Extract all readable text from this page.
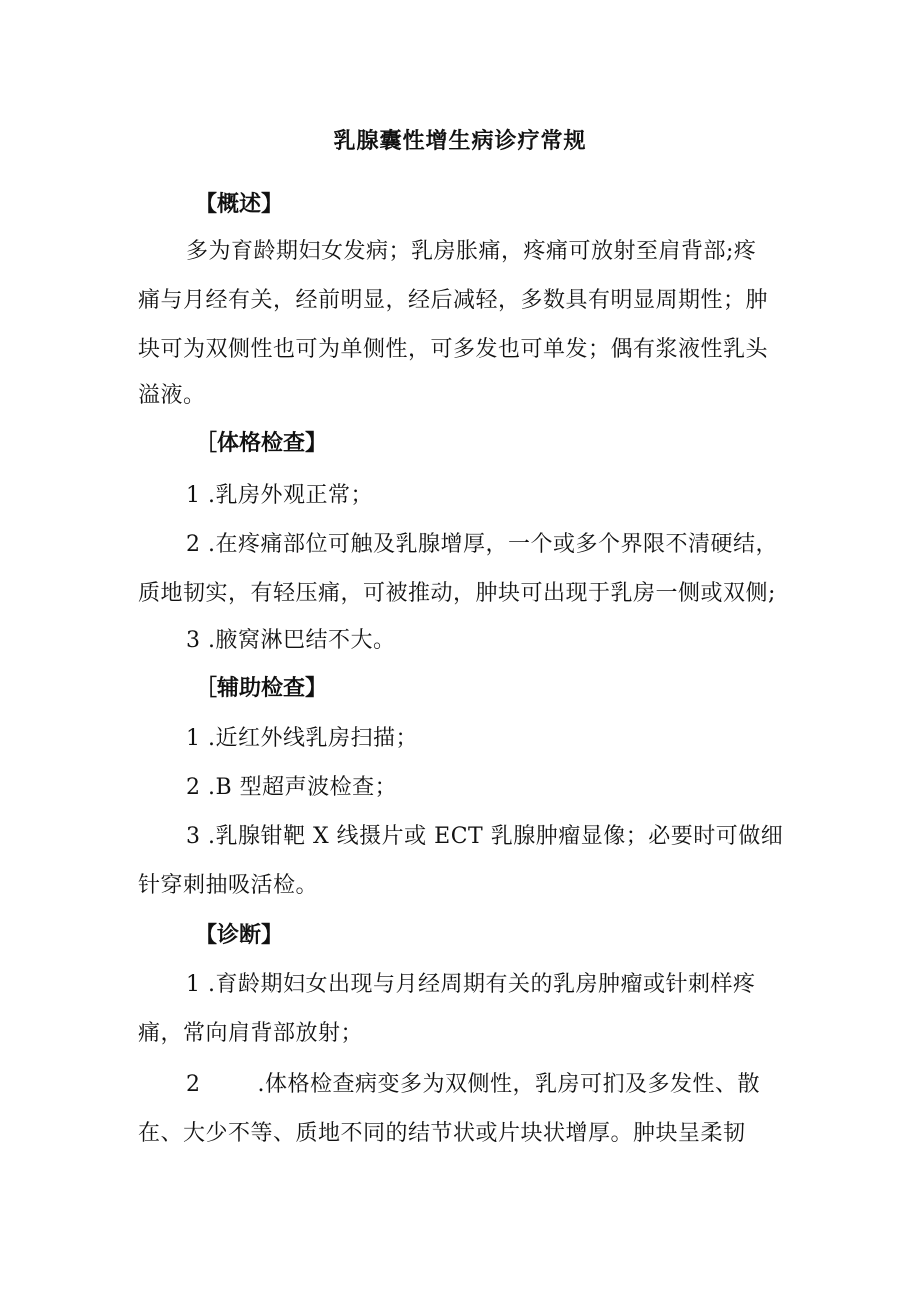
乳腺囊性增生病诊疗常规
【概述】
多为育龄期妇女发病；乳房胀痛，疼痛可放射至肩背部;疼
痛与月经有关，经前明显，经后减轻，多数具有明显周期性；肿
块可为双侧性也可为单侧性，可多发也可单发；偶有浆液性乳头
溢液。
［体格检查】
1 .乳房外观正常；
2 .在疼痛部位可触及乳腺增厚，一个或多个界限不清硬结，
质地韧实，有轻压痛，可被推动，肿块可出现于乳房一侧或双侧;
3 .腋窝淋巴结不大。
［辅助检查】
1 .近红外线乳房扫描；
2 .B 型超声波检查；
3 .乳腺钳靶 X 线摄片或 ECT 乳腺肿瘤显像；必要时可做细
针穿刺抽吸活检。
【诊断】
1 .育龄期妇女出现与月经周期有关的乳房肿瘤或针刺样疼
痛，常向肩背部放射；
2	.体格检查病变多为双侧性，乳房可扪及多发性、散
在、大少不等、质地不同的结节状或片块状增厚。肿块呈柔韧
